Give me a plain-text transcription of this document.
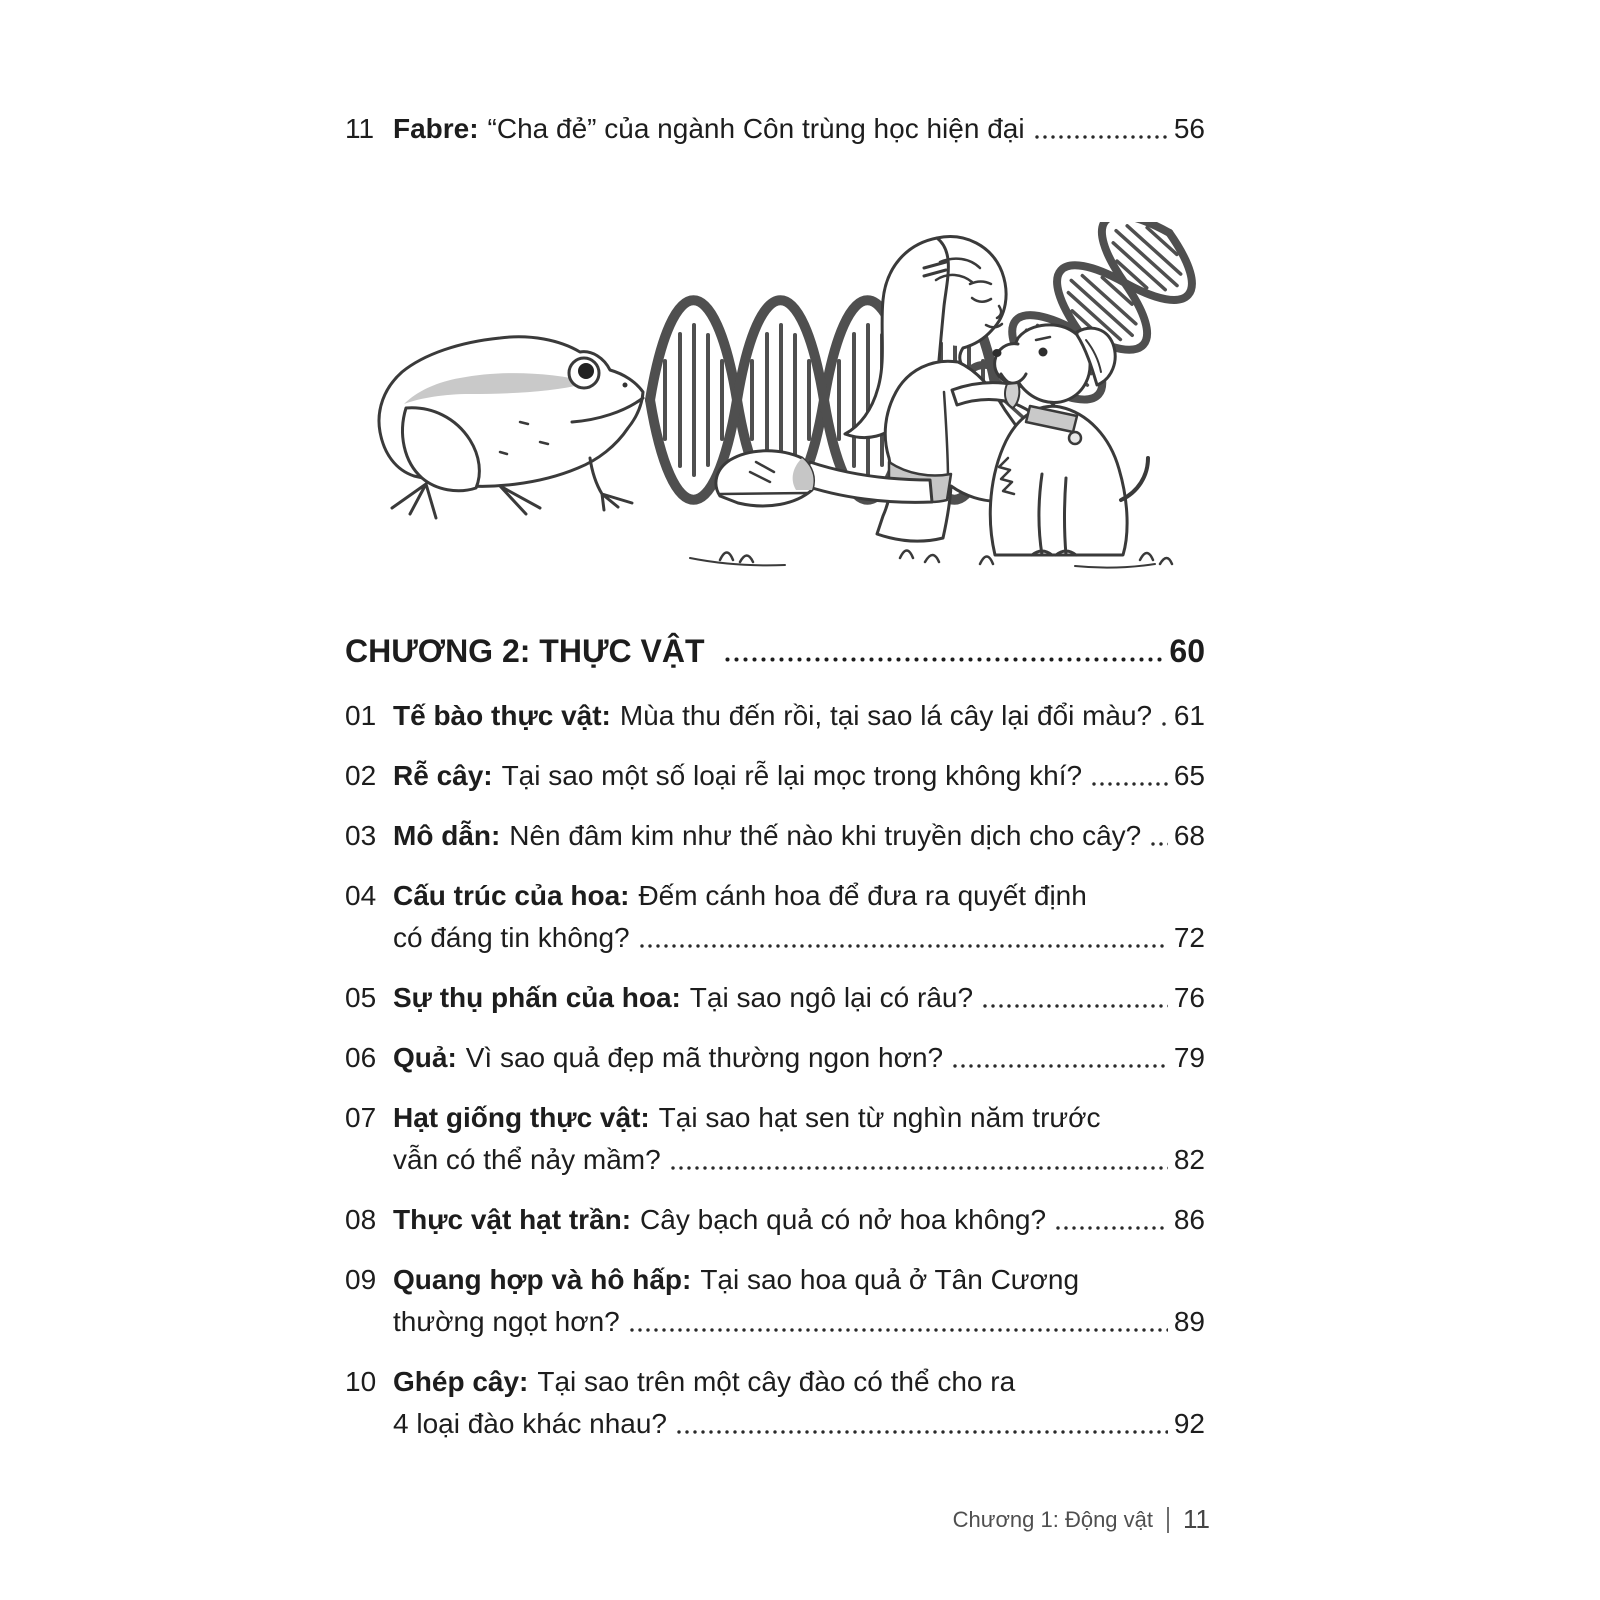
11 Fabre: “Cha đẻ” của ngành Côn trùng học hiện đại	56
CHƯƠNG 2: THỰC VẬT	60
01 Tế bào thực vật: Mùa thu đến rồi, tại sao lá cây lại đổi màu? 61
02 Rễ cây: Tại sao một số loại rễ lại mọc trong không khí?	65
03 Mô dẫn: Nên đâm kim như thế nào khi truyền dịch cho cây? 68
04 Cấu trúc của hoa: Đếm cánh hoa để đưa ra quyết định
có đáng tin không?	72
05 Sự thụ phấn của hoa: Tại sao ngô lại có râu?	76
06 Quả: Vì sao quả đẹp mã thường ngon hơn?	79
07 Hạt giống thực vật: Tại sao hạt sen từ nghìn năm trước
vẫn có thể nảy mầm?	82
08 Thực vật hạt trần: Cây bạch quả có nở hoa không?	86
09 Quang hợp và hô hấp: Tại sao hoa quả ở Tân Cương
thường ngọt hơn?	89
10 Ghép cây: Tại sao trên một cây đào có thể cho ra
4 loại đào khác nhau?	92
Chương 1: Động vật 11
